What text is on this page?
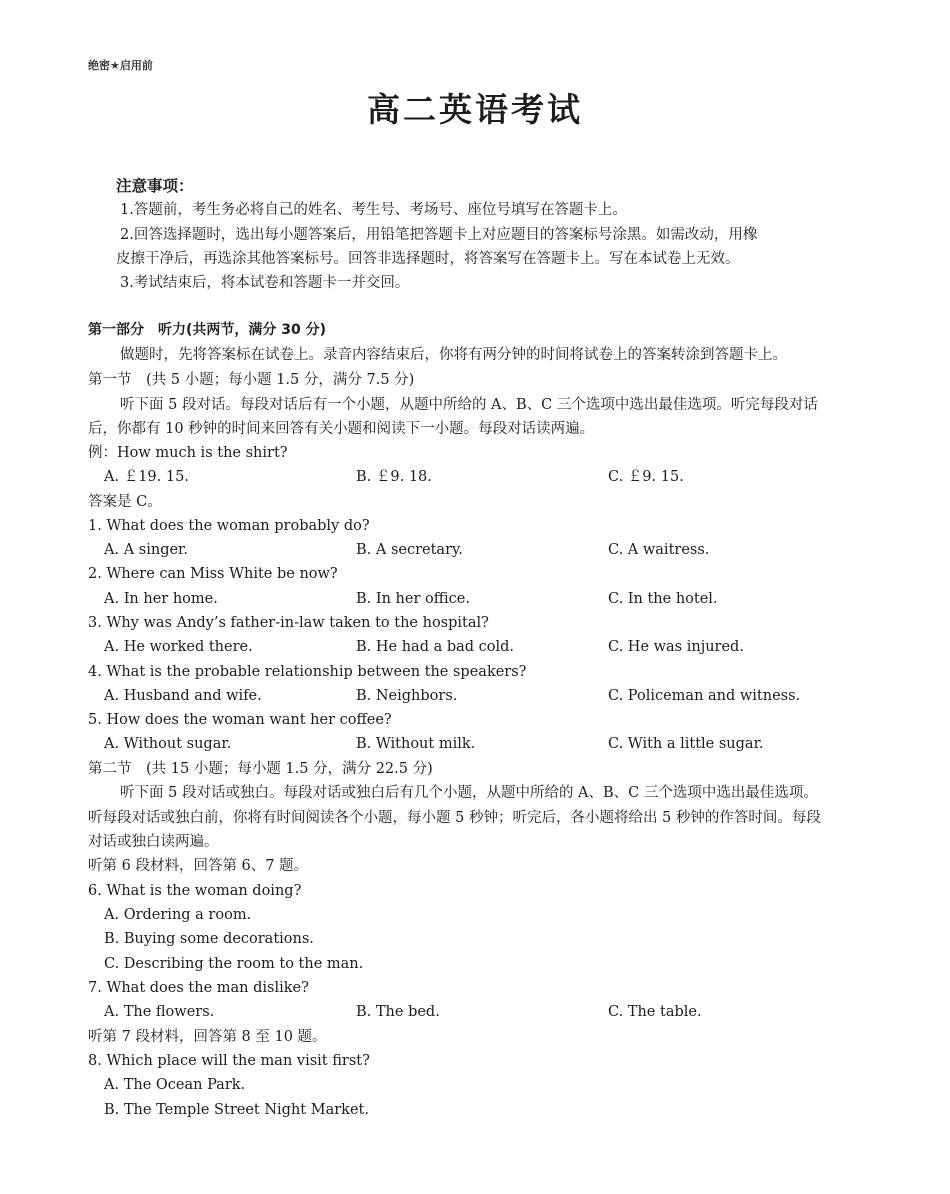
绝密★启用前
高二英语考试
注意事项：
1.答题前，考生务必将自己的姓名、考生号、考场号、座位号填写在答题卡上。
2.回答选择题时，选出每小题答案后，用铅笔把答题卡上对应题目的答案标号涂黑。如需改动，用橡
皮擦干净后，再选涂其他答案标号。回答非选择题时，将答案写在答题卡上。写在本试卷上无效。
3.考试结束后，将本试卷和答题卡一并交回。
第一部分　听力(共两节，满分 30 分)
做题时，先将答案标在试卷上。录音内容结束后，你将有两分钟的时间将试卷上的答案转涂到答题卡上。
第一节　(共 5 小题；每小题 1.5 分，满分 7.5 分)
听下面 5 段对话。每段对话后有一个小题，从题中所给的 A、B、C 三个选项中选出最佳选项。听完每段对话
后，你都有 10 秒钟的时间来回答有关小题和阅读下一小题。每段对话读两遍。
例：How much is the shirt?
A. ￡19. 15.	B. ￡9. 18.	C. ￡9. 15.
答案是 C。
1. What does the woman probably do?
A. A singer.	B. A secretary.	C. A waitress.
2. Where can Miss White be now?
A. In her home.	B. In her office.	C. In the hotel.
3. Why was Andy’s father-in-law taken to the hospital?
A. He worked there.	B. He had a bad cold.	C. He was injured.
4. What is the probable relationship between the speakers?
A. Husband and wife.	B. Neighbors.	C. Policeman and witness.
5. How does the woman want her coffee?
A. Without sugar.	B. Without milk.	C. With a little sugar.
第二节　(共 15 小题；每小题 1.5 分，满分 22.5 分)
听下面 5 段对话或独白。每段对话或独白后有几个小题，从题中所给的 A、B、C 三个选项中选出最佳选项。
听每段对话或独白前，你将有时间阅读各个小题，每小题 5 秒钟；听完后，各小题将给出 5 秒钟的作答时间。每段
对话或独白读两遍。
听第 6 段材料，回答第 6、7 题。
6. What is the woman doing?
A. Ordering a room.
B. Buying some decorations.
C. Describing the room to the man.
7. What does the man dislike?
A. The flowers.	B. The bed.	C. The table.
听第 7 段材料，回答第 8 至 10 题。
8. Which place will the man visit first?
A. The Ocean Park.
B. The Temple Street Night Market.
